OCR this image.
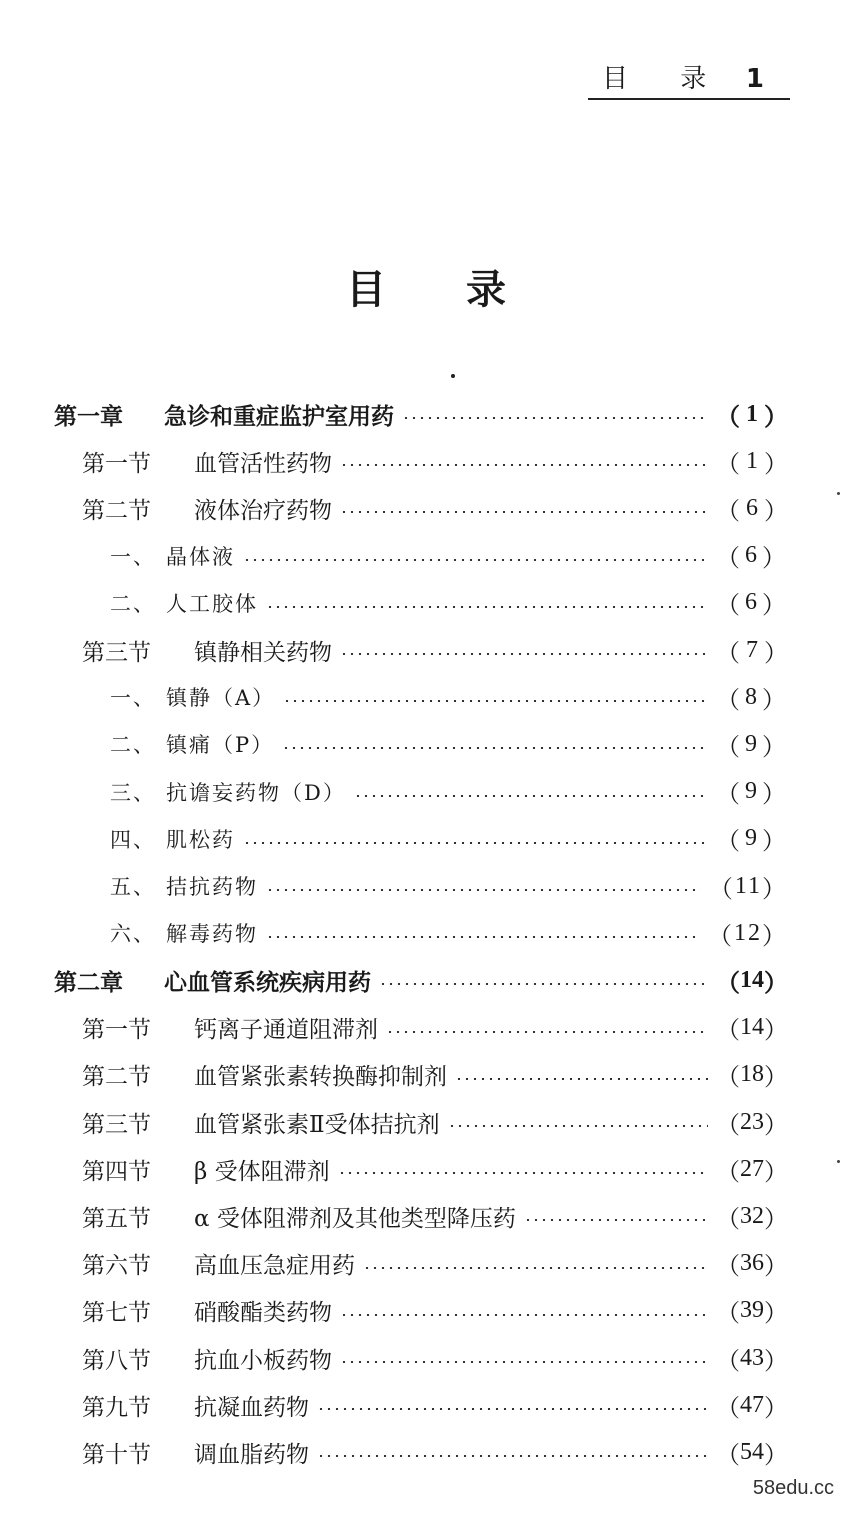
目 录 1
目录
第一章	急诊和重症监护室用药	（ 1 ）
第一节	血管活性药物	（ 1 ）
第二节	液体治疗药物	（ 6 ）
一、 晶体液	（ 6 ）
二、 人工胶体	（ 6 ）
第三节	镇静相关药物	（ 7 ）
一、 镇静（A）	（ 8 ）
二、 镇痛（P）	（ 9 ）
三、 抗谵妄药物（D）	（ 9 ）
四、 肌松药	（ 9 ）
五、 拮抗药物	（ 11 ）
六、 解毒药物	（ 12 ）
第二章	心血管系统疾病用药	（ 14 ）
第一节	钙离子通道阻滞剂	（ 14 ）
第二节	血管紧张素转换酶抑制剂	（ 18 ）
第三节	血管紧张素Ⅱ受体拮抗剂	（ 23 ）
第四节	β 受体阻滞剂	（ 27 ）
第五节	α 受体阻滞剂及其他类型降压药	（ 32 ）
第六节	高血压急症用药	（ 36 ）
第七节	硝酸酯类药物	（ 39 ）
第八节	抗血小板药物	（ 43 ）
第九节	抗凝血药物	（ 47 ）
第十节	调血脂药物	（ 54 ）
58edu.cc
